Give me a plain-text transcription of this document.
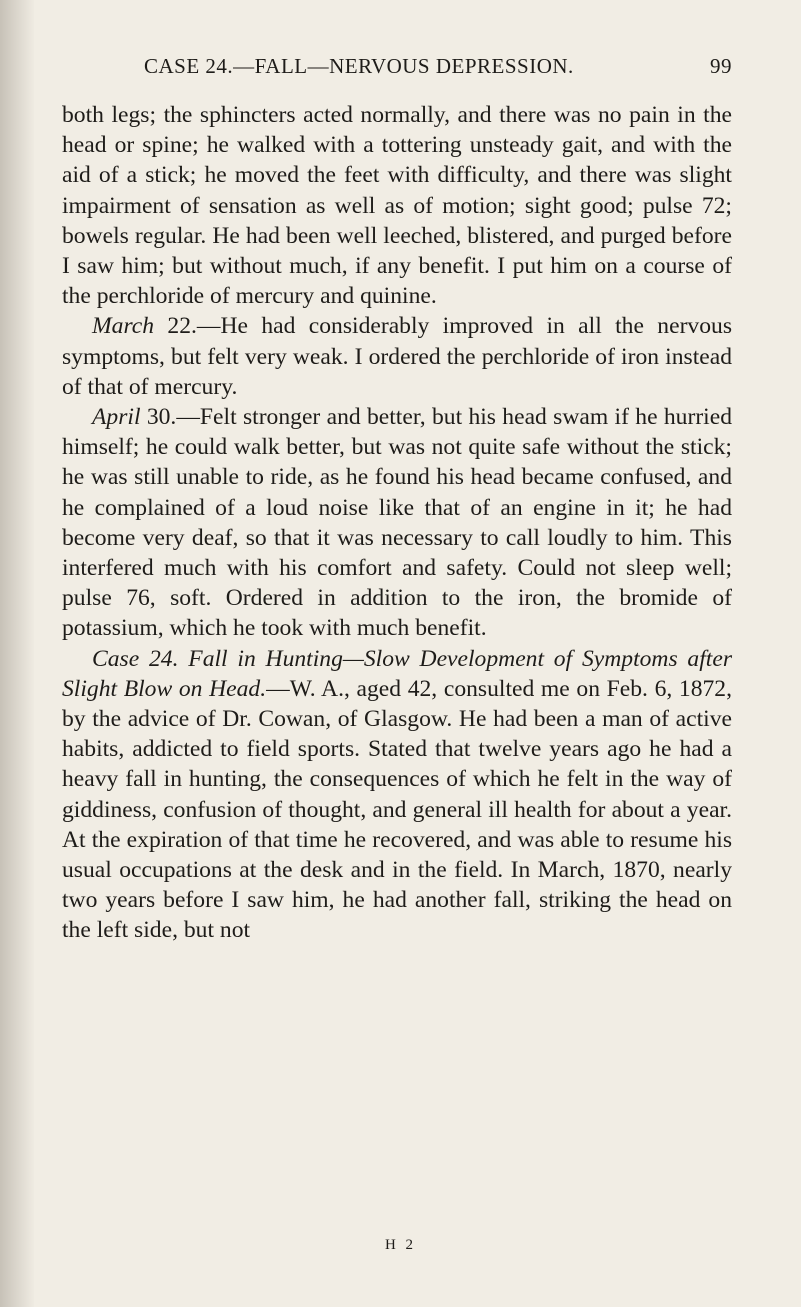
CASE 24.—FALL—NERVOUS DEPRESSION.	99

both legs; the sphincters acted normally, and there was no pain in the head or spine; he walked with a tottering unsteady gait, and with the aid of a stick; he moved the feet with difficulty, and there was slight impairment of sensation as well as of motion; sight good; pulse 72; bowels regular. He had been well leeched, blistered, and purged before I saw him; but without much, if any benefit. I put him on a course of the perchloride of mercury and quinine.

March 22.—He had considerably improved in all the nervous symptoms, but felt very weak. I ordered the perchloride of iron instead of that of mercury.

April 30.—Felt stronger and better, but his head swam if he hurried himself; he could walk better, but was not quite safe without the stick; he was still unable to ride, as he found his head became confused, and he complained of a loud noise like that of an engine in it; he had become very deaf, so that it was necessary to call loudly to him. This interfered much with his comfort and safety. Could not sleep well; pulse 76, soft. Ordered in addition to the iron, the bromide of potassium, which he took with much benefit.

Case 24. Fall in Hunting—Slow Development of Symptoms after Slight Blow on Head.—W. A., aged 42, consulted me on Feb. 6, 1872, by the advice of Dr. Cowan, of Glasgow. He had been a man of active habits, addicted to field sports. Stated that twelve years ago he had a heavy fall in hunting, the consequences of which he felt in the way of giddiness, confusion of thought, and general ill health for about a year. At the expiration of that time he recovered, and was able to resume his usual occupations at the desk and in the field. In March, 1870, nearly two years before I saw him, he had another fall, striking the head on the left side, but not

H 2
